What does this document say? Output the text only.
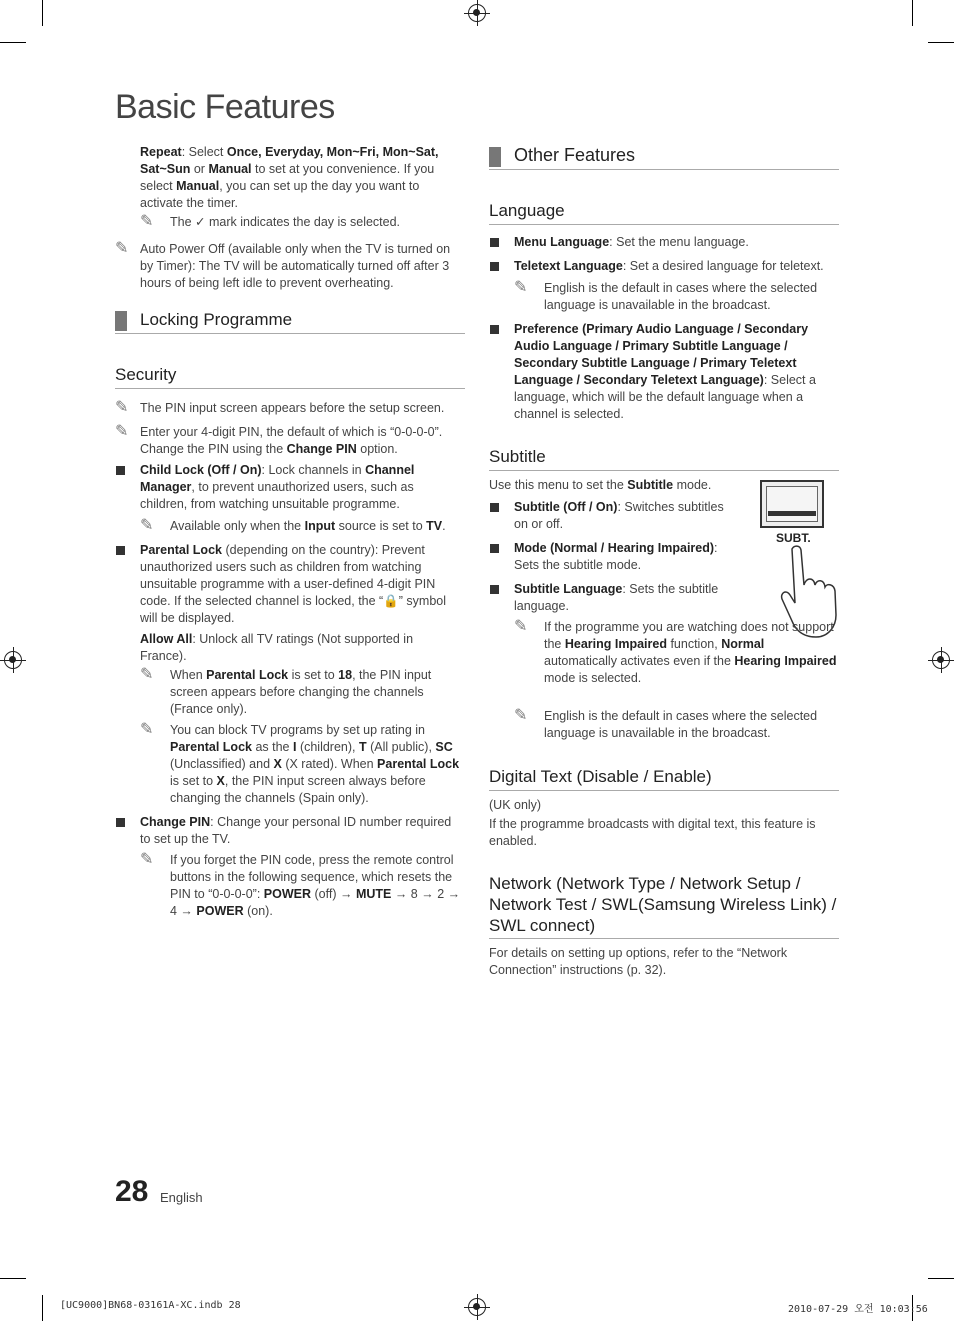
Basic Features
Repeat: Select Once, Everyday, Mon~Fri, Mon~Sat, Sat~Sun or Manual to set at you convenience. If you select Manual, you can set up the day you want to activate the timer.
✎ The ✓ mark indicates the day is selected.
✎ Auto Power Off (available only when the TV is turned on by Timer): The TV will be automatically turned off after 3 hours of being left idle to prevent overheating.
Locking Programme
Security
✎ The PIN input screen appears before the setup screen.
✎ Enter your 4-digit PIN, the default of which is “0-0-0-0”. Change the PIN using the Change PIN option.
Child Lock (Off / On): Lock channels in Channel Manager, to prevent unauthorized users, such as children, from watching unsuitable programme.
✎ Available only when the Input source is set to TV.
Parental Lock (depending on the country): Prevent unauthorized users such as children from watching unsuitable programme with a user-defined 4-digit PIN code. If the selected channel is locked, the “🔒” symbol will be displayed.
Allow All: Unlock all TV ratings (Not supported in France).
✎ When Parental Lock is set to 18, the PIN input screen appears before changing the channels (France only).
✎ You can block TV programs by set up rating in Parental Lock as the I (children), T (All public), SC (Unclassified) and X (X rated). When Parental Lock is set to X, the PIN input screen always before changing the channels (Spain only).
Change PIN: Change your personal ID number required to set up the TV.
✎ If you forget the PIN code, press the remote control buttons in the following sequence, which resets the PIN to “0-0-0-0”: POWER (off) → MUTE → 8 → 2 → 4 → POWER (on).
Other Features
Language
Menu Language: Set the menu language.
Teletext Language: Set a desired language for teletext.
✎ English is the default in cases where the selected language is unavailable in the broadcast.
Preference (Primary Audio Language / Secondary Audio Language / Primary Subtitle Language / Secondary Subtitle Language / Primary Teletext Language / Secondary Teletext Language): Select a language, which will be the default language when a channel is selected.
Subtitle
Use this menu to set the Subtitle mode.
SUBT.
Subtitle (Off / On): Switches subtitles on or off.
Mode (Normal / Hearing Impaired): Sets the subtitle mode.
Subtitle Language: Sets the subtitle language.
✎ If the programme you are watching does not support the Hearing Impaired function, Normal automatically activates even if the Hearing Impaired mode is selected.
✎ English is the default in cases where the selected language is unavailable in the broadcast.
Digital Text (Disable / Enable)
(UK only)
If the programme broadcasts with digital text, this feature is enabled.
Network (Network Type / Network Setup / Network Test / SWL(Samsung Wireless Link) / SWL connect)
For details on setting up options, refer to the “Network Connection” instructions (p. 32).
28 English
[UC9000]BN68-03161A-XC.indb 28	2010-07-29 오전 10:03:56
